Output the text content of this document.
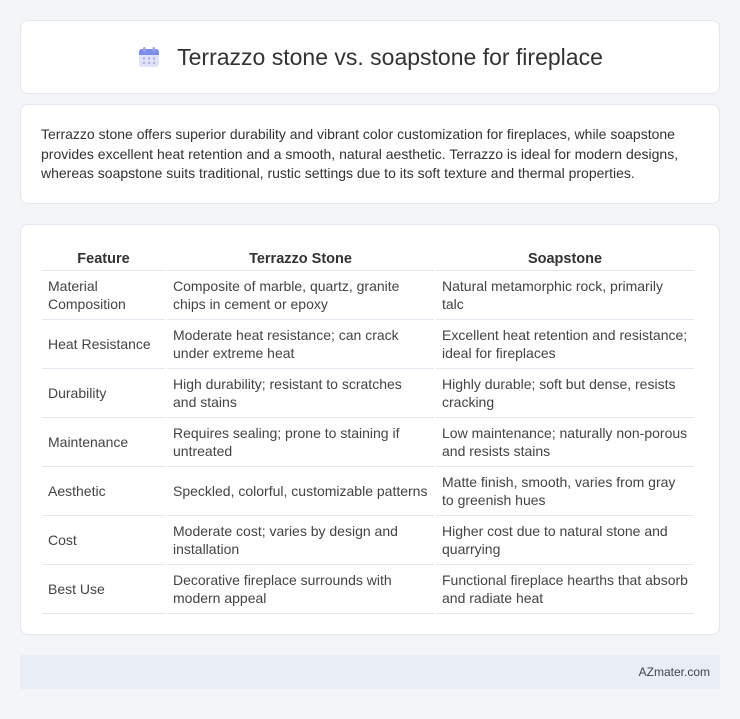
Terrazzo stone vs. soapstone for fireplace

Terrazzo stone offers superior durability and vibrant color customization for fireplaces, while soapstone provides excellent heat retention and a smooth, natural aesthetic. Terrazzo is ideal for modern designs, whereas soapstone suits traditional, rustic settings due to its soft texture and thermal properties.

Feature	Terrazzo Stone	Soapstone
Material Composition	Composite of marble, quartz, granite chips in cement or epoxy	Natural metamorphic rock, primarily talc
Heat Resistance	Moderate heat resistance; can crack under extreme heat	Excellent heat retention and resistance; ideal for fireplaces
Durability	High durability; resistant to scratches and stains	Highly durable; soft but dense, resists cracking
Maintenance	Requires sealing; prone to staining if untreated	Low maintenance; naturally non-porous and resists stains
Aesthetic	Speckled, colorful, customizable patterns	Matte finish, smooth, varies from gray to greenish hues
Cost	Moderate cost; varies by design and installation	Higher cost due to natural stone and quarrying
Best Use	Decorative fireplace surrounds with modern appeal	Functional fireplace hearths that absorb and radiate heat
AZmater.com
